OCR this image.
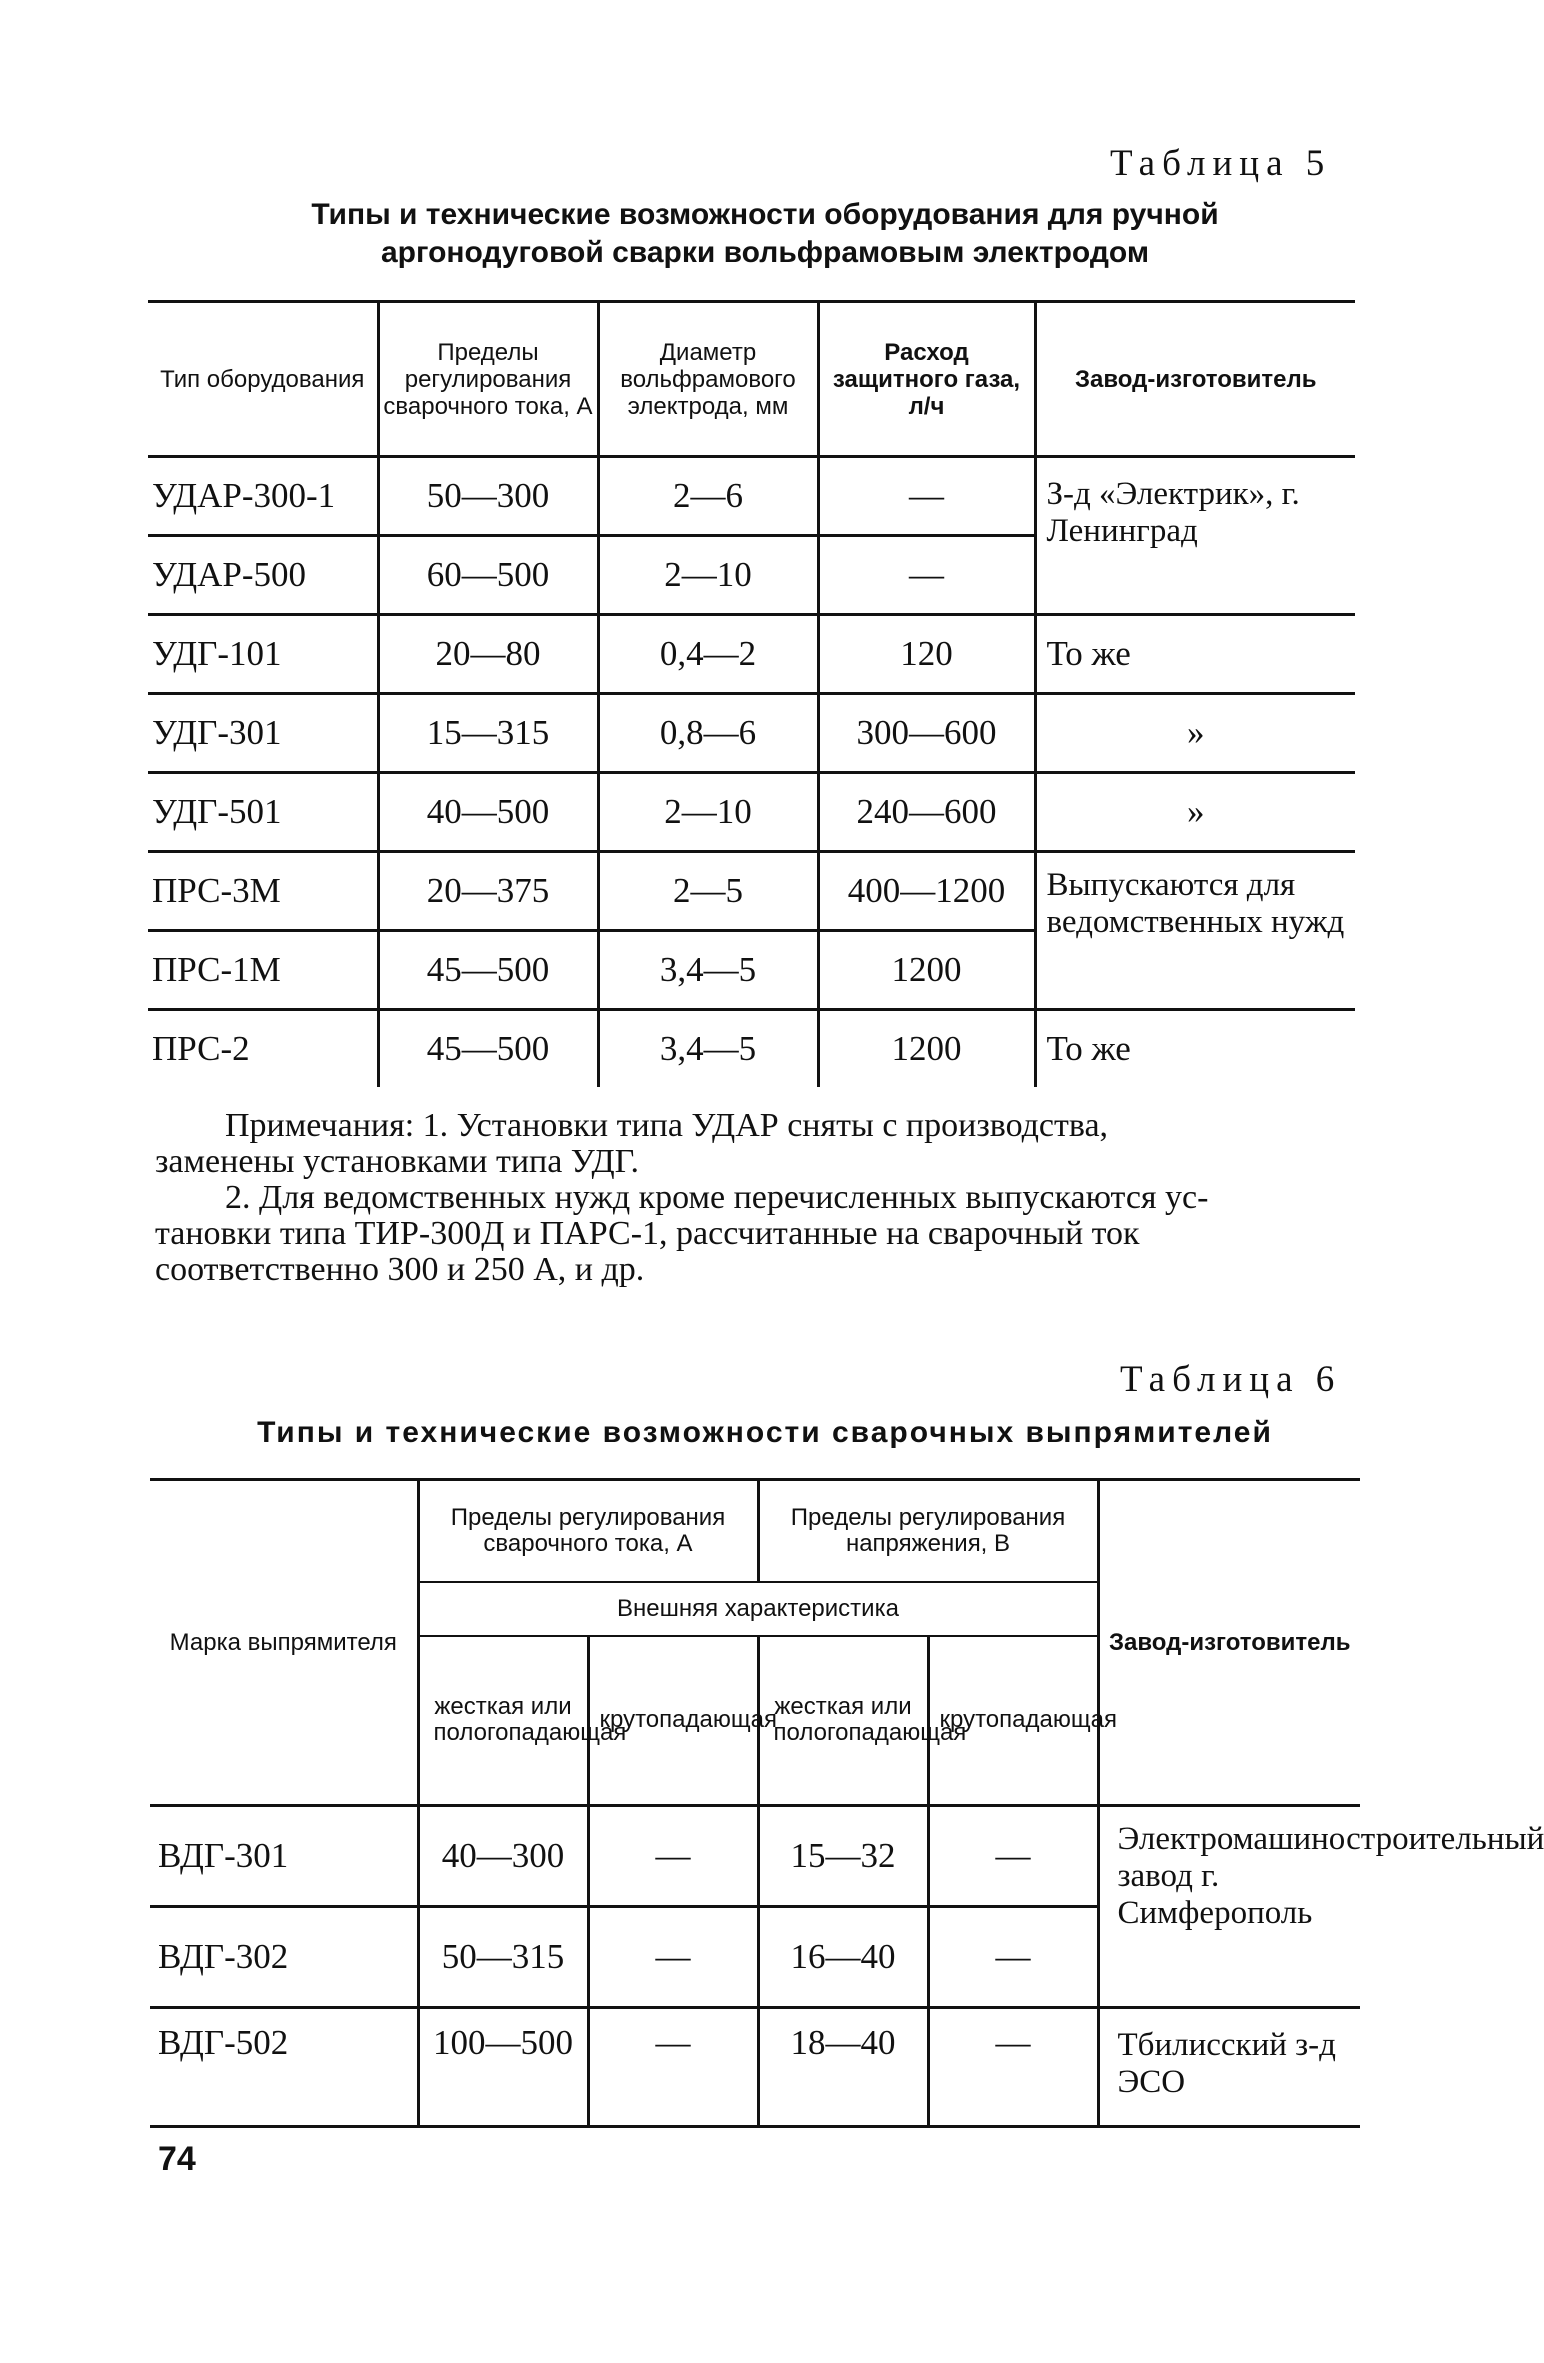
Таблица 5
Типы и технические возможности оборудования для ручной
аргонодуговой сварки вольфрамовым электродом
Тип оборудования	Пределы регулирования сварочного тока, А	Диаметр вольфрамового электрода, мм	Расход защитного газа, л/ч	Завод-изготовитель
УДАР-300-1	50—300	2—6	—	З-д «Электрик», г. Ленинград
УДАР-500	60—500	2—10	—	
УДГ-101	20—80	0,4—2	120	То же
УДГ-301	15—315	0,8—6	300—600	»
УДГ-501	40—500	2—10	240—600	»
ПРС-3М	20—375	2—5	400—1200	Выпускаются для ведомственных нужд
ПРС-1М	45—500	3,4—5	1200	
ПРС-2	45—500	3,4—5	1200	То же
Примечания: 1. Установки типа УДАР сняты с производства,
заменены установками типа УДГ.
2. Для ведомственных нужд кроме перечисленных выпускаются ус-
тановки типа ТИР-300Д и ПАРС-1, рассчитанные на сварочный ток
соответственно 300 и 250 А, и др.
Таблица 6
Типы и технические возможности сварочных выпрямителей
Марка выпрямителя	Пределы регулирования сварочного тока, А		Пределы регулирования напряжения, В		Завод-изготовитель
	Внешняя характеристика				
	жесткая или пологопадающая	крутопадающая	жесткая или пологопадающая	крутопадающая	
ВДГ-301	40—300	—	15—32	—	Электромашиностроительный завод г. Симферополь
ВДГ-302	50—315	—	16—40	—	
ВДГ-502	100—500	—	18—40	—	Тбилисский з-д ЭСО
74
